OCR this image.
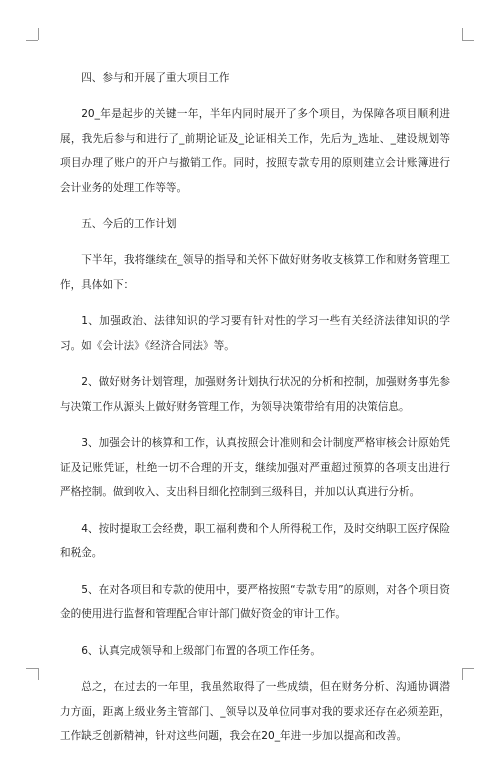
四、参与和开展了重大项目工作
20_年是起步的关键一年，半年内同时展开了多个项目，为保障各项目顺利进展，我先后参与和进行了_前期论证及_论证相关工作，先后为_选址、_建设规划等项目办理了账户的开户与撤销工作。同时，按照专款专用的原则建立会计账簿进行会计业务的处理工作等等。
五、今后的工作计划
下半年，我将继续在_领导的指导和关怀下做好财务收支核算工作和财务管理工作，具体如下：
1、加强政治、法律知识的学习要有针对性的学习一些有关经济法律知识的学习。如《会计法》《经济合同法》等。
2、做好财务计划管理，加强财务计划执行状况的分析和控制，加强财务事先参与决策工作从源头上做好财务管理工作，为领导决策带给有用的决策信息。
3、加强会计的核算和工作，认真按照会计准则和会计制度严格审核会计原始凭证及记账凭证，杜绝一切不合理的开支，继续加强对严重超过预算的各项支出进行严格控制。做到收入、支出科目细化控制到三级科目，并加以认真进行分析。
4、按时提取工会经费，职工福利费和个人所得税工作，及时交纳职工医疗保险和税金。
5、在对各项目和专款的使用中，要严格按照“专款专用”的原则，对各个项目资金的使用进行监督和管理配合审计部门做好资金的审计工作。
6、认真完成领导和上级部门布置的各项工作任务。
总之，在过去的一年里，我虽然取得了一些成绩，但在财务分析、沟通协调潜力方面，距离上级业务主管部门、_领导以及单位同事对我的要求还存在必须差距，工作缺乏创新精神，针对这些问题，我会在20_年进一步加以提高和改善。
